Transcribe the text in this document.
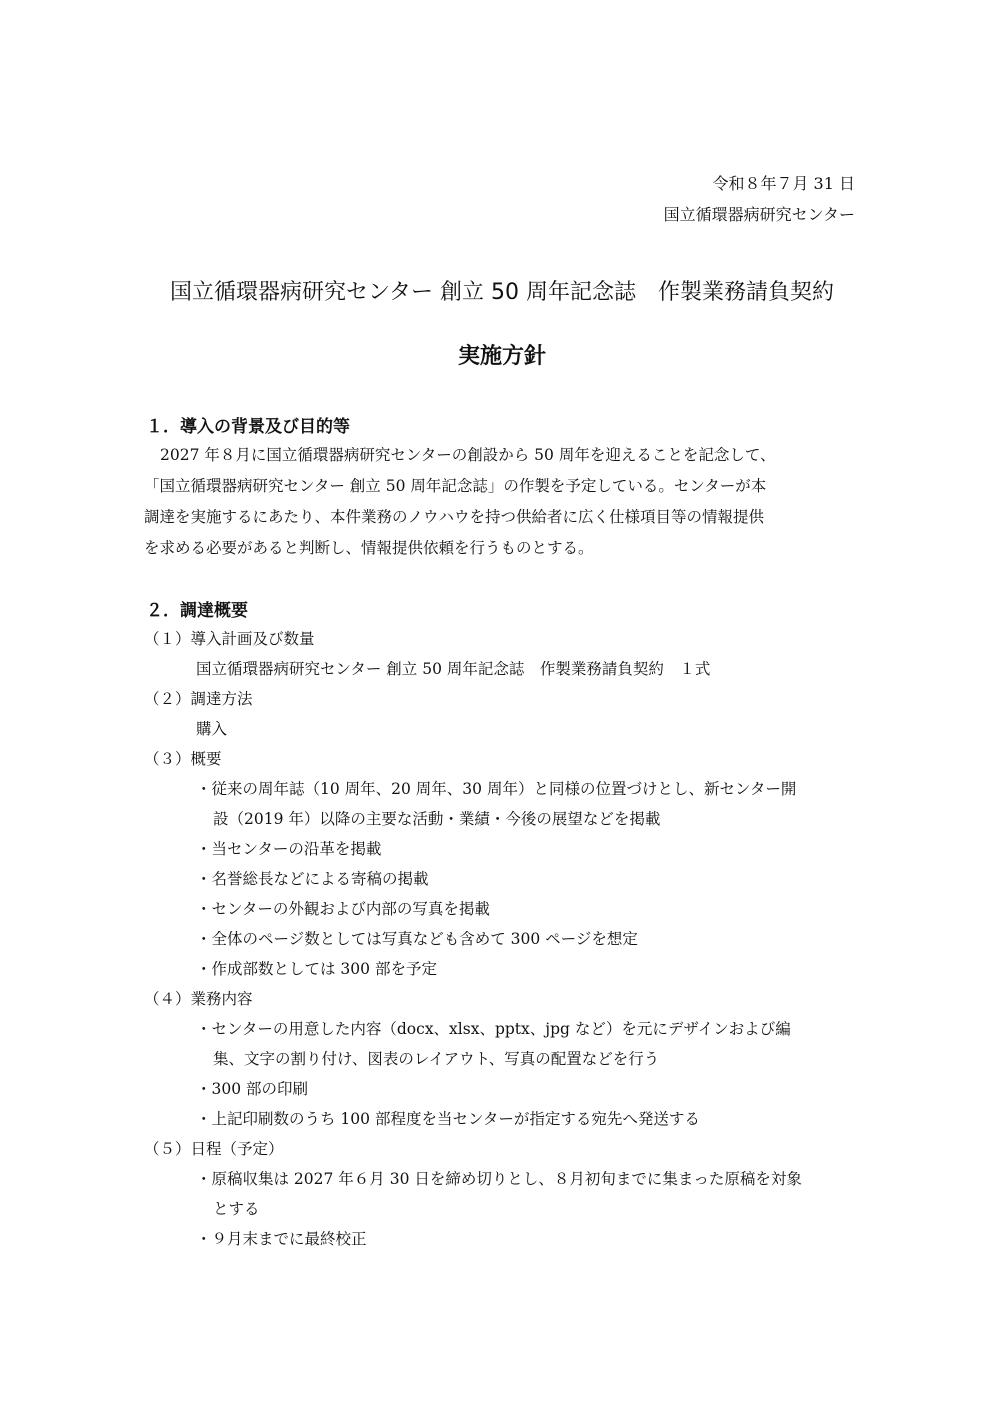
令和８年７月 31 日
国立循環器病研究センター
国立循環器病研究センター 創立 50 周年記念誌　作製業務請負契約
実施方針
１．導入の背景及び目的等
2027 年８月に国立循環器病研究センターの創設から 50 周年を迎えることを記念して、
「国立循環器病研究センター 創立 50 周年記念誌」の作製を予定している。センターが本
調達を実施するにあたり、本件業務のノウハウを持つ供給者に広く仕様項目等の情報提供
を求める必要があると判断し、情報提供依頼を行うものとする。
２．調達概要
（１）導入計画及び数量
国立循環器病研究センター 創立 50 周年記念誌　作製業務請負契約　１式
（２）調達方法
購入
（３）概要
・従来の周年誌（10 周年、20 周年、30 周年）と同様の位置づけとし、新センター開
設（2019 年）以降の主要な活動・業績・今後の展望などを掲載
・当センターの沿革を掲載
・名誉総長などによる寄稿の掲載
・センターの外観および内部の写真を掲載
・全体のページ数としては写真なども含めて 300 ページを想定
・作成部数としては 300 部を予定
（４）業務内容
・センターの用意した内容（docx、xlsx、pptx、jpg など）を元にデザインおよび編
集、文字の割り付け、図表のレイアウト、写真の配置などを行う
・300 部の印刷
・上記印刷数のうち 100 部程度を当センターが指定する宛先へ発送する
（５）日程（予定）
・原稿収集は 2027 年６月 30 日を締め切りとし、８月初旬までに集まった原稿を対象
とする
・９月末までに最終校正
